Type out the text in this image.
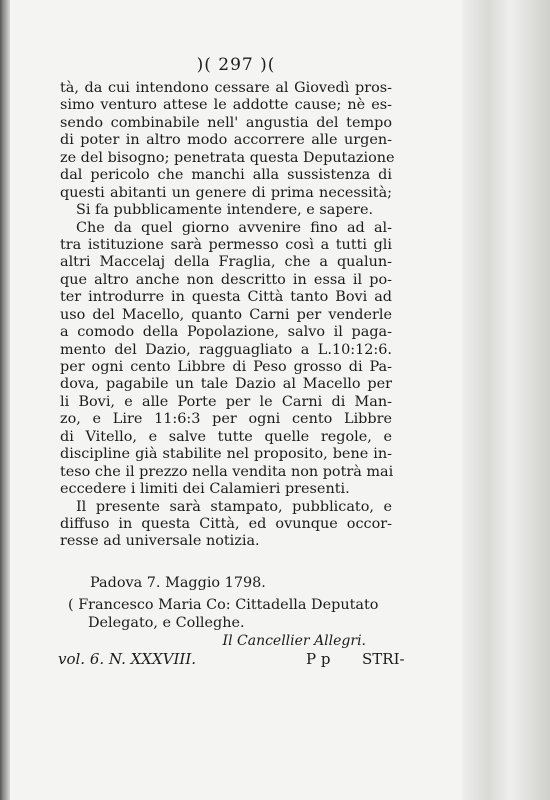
)( 297 )(
tà, da cui intendono cessare al Giovedì pros-
simo venturo attese le addotte cause; nè es-
sendo combinabile nell' angustia del tempo
di poter in altro modo accorrere alle urgen-
ze del bisogno; penetrata questa Deputazione
dal pericolo che manchi alla sussistenza di
questi abitanti un genere di prima necessità;
Si fa pubblicamente intendere, e sapere.
Che da quel giorno avvenire fino ad al-
tra istituzione sarà permesso così a tutti gli
altri Maccelaj della Fraglia, che a qualun-
que altro anche non descritto in essa il po-
ter introdurre in questa Città tanto Bovi ad
uso del Macello, quanto Carni per venderle
a comodo della Popolazione, salvo il paga-
mento del Dazio, ragguagliato a L.10:12:6.
per ogni cento Libbre di Peso grosso di Pa-
dova, pagabile un tale Dazio al Macello per
li Bovi, e alle Porte per le Carni di Man-
zo, e Lire 11:6:3 per ogni cento Libbre
di Vitello, e salve tutte quelle regole, e
discipline già stabilite nel proposito, bene in-
teso che il prezzo nella vendita non potrà mai
eccedere i limiti dei Calamieri presenti.
Il presente sarà stampato, pubblicato, e
diffuso in questa Città, ed ovunque occor-
resse ad universale notizia.
Padova 7. Maggio 1798.
( Francesco Maria Co: Cittadella Deputato
Delegato, e Colleghe.
Il Cancellier Allegri.
vol. 6. N. XXXVIII.	P p STRI-
